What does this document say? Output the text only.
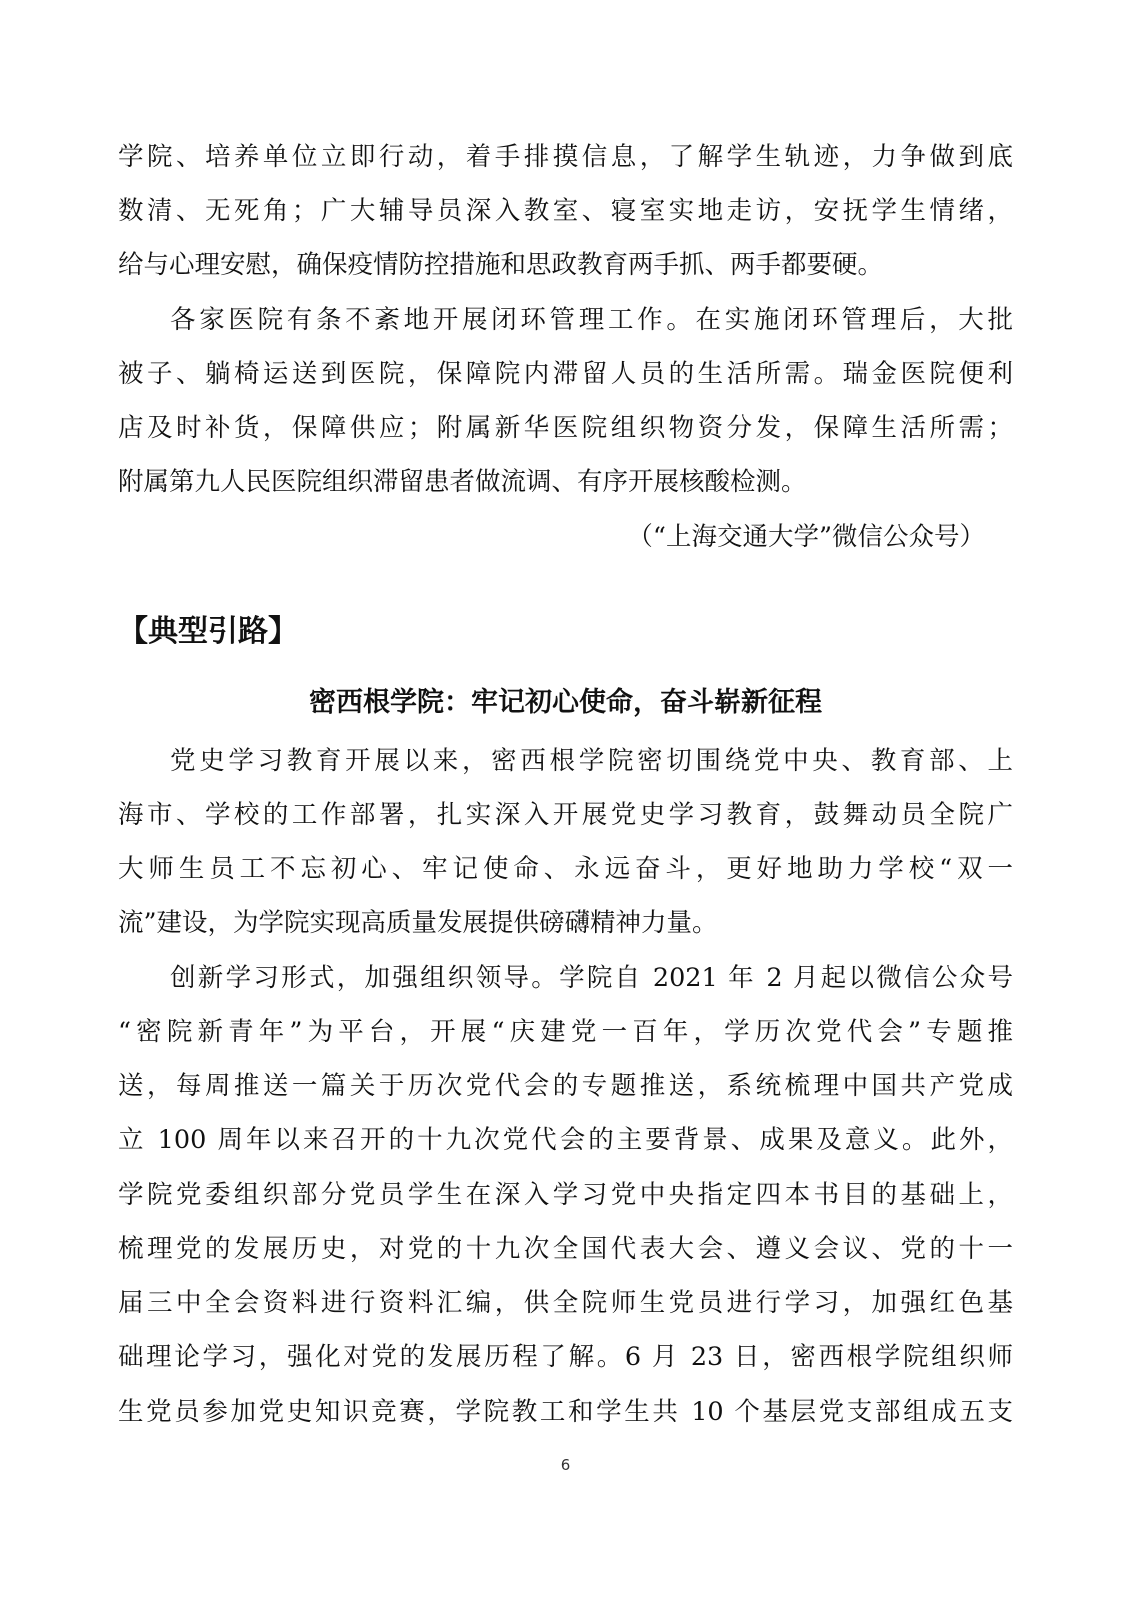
学院、培养单位立即行动，着手排摸信息，了解学生轨迹，力争做到底
数清、无死角；广大辅导员深入教室、寝室实地走访，安抚学生情绪，
给与心理安慰，确保疫情防控措施和思政教育两手抓、两手都要硬。
各家医院有条不紊地开展闭环管理工作。在实施闭环管理后，大批
被子、躺椅运送到医院，保障院内滞留人员的生活所需。瑞金医院便利
店及时补货，保障供应；附属新华医院组织物资分发，保障生活所需；
附属第九人民医院组织滞留患者做流调、有序开展核酸检测。
（“上海交通大学”微信公众号）
【典型引路】
密西根学院：牢记初心使命，奋斗崭新征程
党史学习教育开展以来，密西根学院密切围绕党中央、教育部、上
海市、学校的工作部署，扎实深入开展党史学习教育，鼓舞动员全院广
大师生员工不忘初心、牢记使命、永远奋斗，更好地助力学校“双一
流”建设，为学院实现高质量发展提供磅礴精神力量。
创新学习形式，加强组织领导。学院自 2021 年 2 月起以微信公众号
“密院新青年”为平台，开展“庆建党一百年，学历次党代会”专题推
送，每周推送一篇关于历次党代会的专题推送，系统梳理中国共产党成
立 100 周年以来召开的十九次党代会的主要背景、成果及意义。此外，
学院党委组织部分党员学生在深入学习党中央指定四本书目的基础上，
梳理党的发展历史，对党的十九次全国代表大会、遵义会议、党的十一
届三中全会资料进行资料汇编，供全院师生党员进行学习，加强红色基
础理论学习，强化对党的发展历程了解。6 月 23 日，密西根学院组织师
生党员参加党史知识竞赛，学院教工和学生共 10 个基层党支部组成五支
6
